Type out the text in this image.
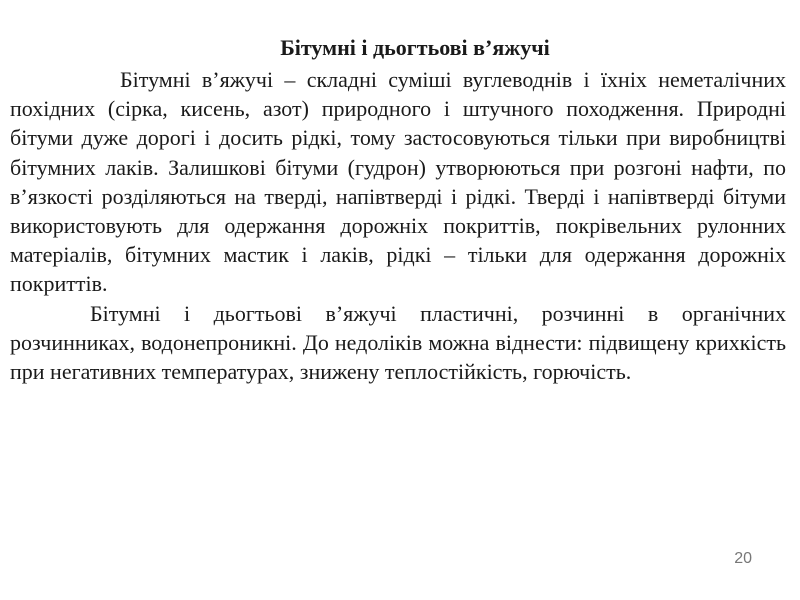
Бітумні і дьогтьові в’яжучі

Бітумні в’яжучі – складні суміші вуглеводнів і їхніх неметалічних похідних (сірка, кисень, азот) природного і штучного походження. Природні бітуми дуже дорогі і досить рідкі, тому застосовуються тільки при виробництві бітумних лаків. Залишкові бітуми (гудрон) утворюються при розгоні нафти, по в’язкості розділяються на тверді, напівтверді і рідкі. Тверді і напівтверді бітуми використовують для одержання дорожніх покриттів, покрівельних рулонних матеріалів, бітумних мастик і лаків, рідкі – тільки для одержання дорожніх покриттів.

Бітумні і дьогтьові в’яжучі пластичні, розчинні в органічних розчинниках, водонепроникні. До недоліків можна віднести: підвищену крихкість при негативних температурах, знижену теплостійкість, горючість.

20
